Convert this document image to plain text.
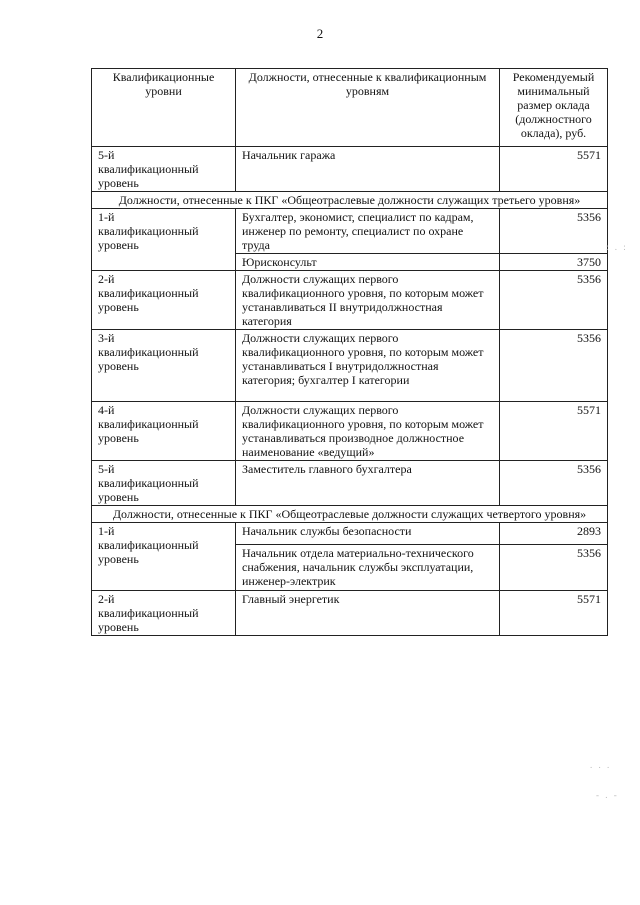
2
Квалификационные уровни	Должности, отнесенные к квалификационным уровням	Рекомендуемый минимальный размер оклада (должностного оклада), руб.
5-й
квалификационный
уровень	Начальник гаража	5571
Должности, отнесенные к ПКГ «Общеотраслевые должности служащих третьего уровня»		
1-й
квалификационный
уровень	Бухгалтер, экономист, специалист по кадрам, инженер по ремонту, специалист по охране труда	5356
	Юрисконсульт	3750
2-й
квалификационный
уровень	Должности служащих первого квалификационного уровня, по которым может устанавливаться II внутридолжностная категория	5356
3-й
квалификационный
уровень	Должности служащих первого квалификационного уровня, по которым может устанавливаться I внутридолжностная категория; бухгалтер I категории	5356
4-й
квалификационный
уровень	Должности служащих первого квалификационного уровня, по которым может устанавливаться производное должностное наименование «ведущий»	5571
5-й
квалификационный
уровень	Заместитель главного бухгалтера	5356
Должности, отнесенные к ПКГ «Общеотраслевые должности служащих четвертого уровня»		
1-й
квалификационный
уровень	Начальник службы безопасности	2893
	Начальник отдела материально-технического снабжения, начальник службы эксплуатации, инженер-электрик	5356
2-й
квалификационный
уровень	Главный энергетик	5571
: . :
. . .
- . -
